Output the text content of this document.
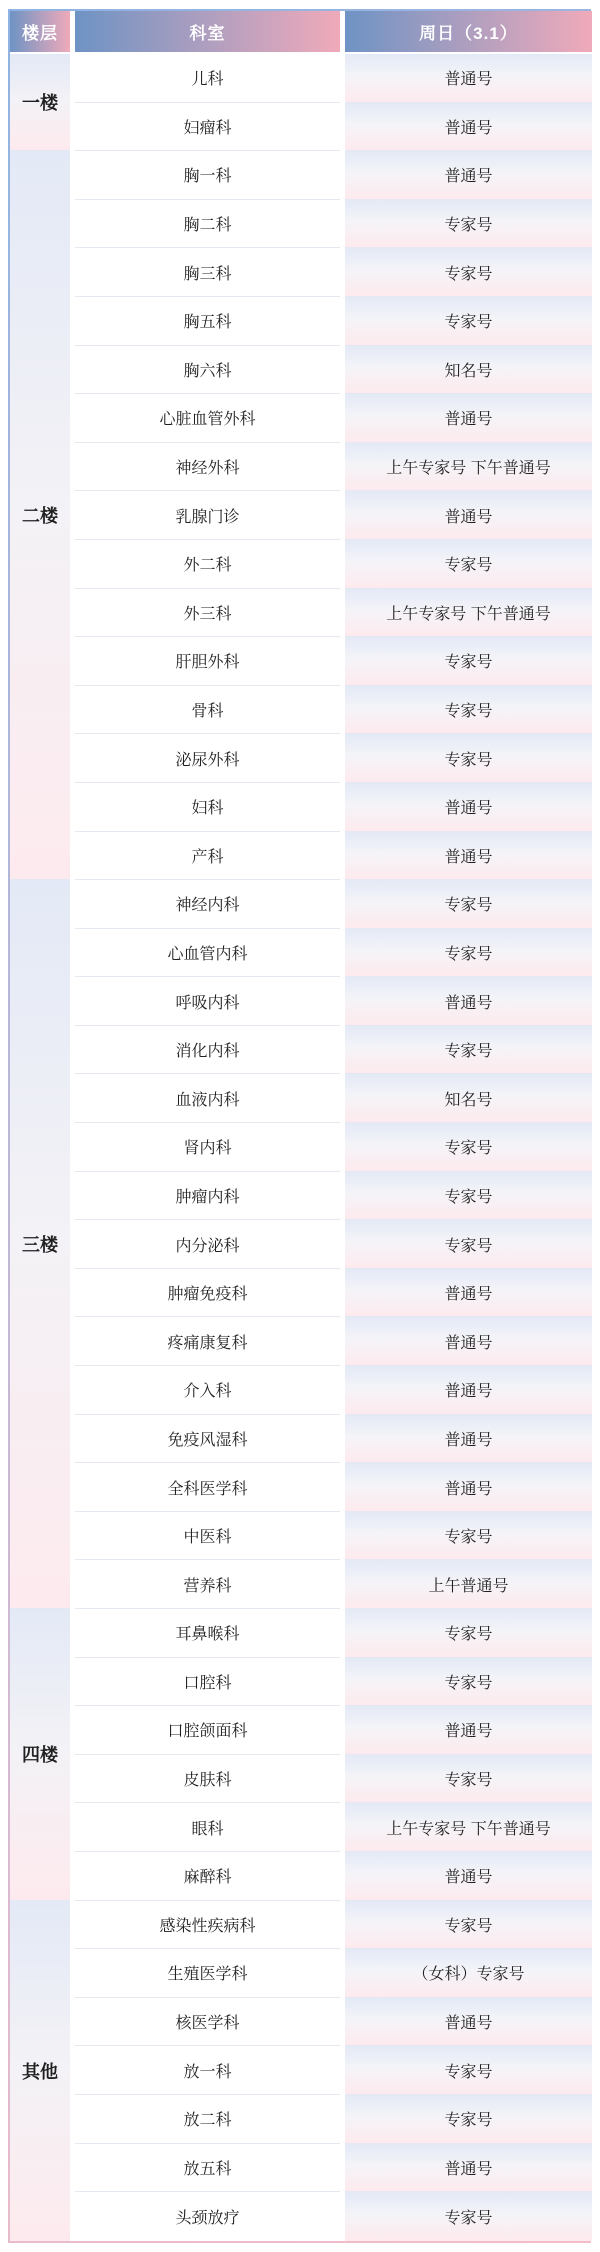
楼层	科室	周日（3.1）
一楼
儿科	普通号
妇瘤科	普通号
二楼
胸一科	普通号
胸二科	专家号
胸三科	专家号
胸五科	专家号
胸六科	知名号
心脏血管外科	普通号
神经外科	上午专家号 下午普通号
乳腺门诊	普通号
外二科	专家号
外三科	上午专家号 下午普通号
肝胆外科	专家号
骨科	专家号
泌尿外科	专家号
妇科	普通号
产科	普通号
三楼
神经内科	专家号
心血管内科	专家号
呼吸内科	普通号
消化内科	专家号
血液内科	知名号
肾内科	专家号
肿瘤内科	专家号
内分泌科	专家号
肿瘤免疫科	普通号
疼痛康复科	普通号
介入科	普通号
免疫风湿科	普通号
全科医学科	普通号
中医科	专家号
营养科	上午普通号
四楼
耳鼻喉科	专家号
口腔科	专家号
口腔颌面科	普通号
皮肤科	专家号
眼科	上午专家号 下午普通号
麻醉科	普通号
其他
感染性疾病科	专家号
生殖医学科	（女科）专家号
核医学科	普通号
放一科	专家号
放二科	专家号
放五科	普通号
头颈放疗	专家号
